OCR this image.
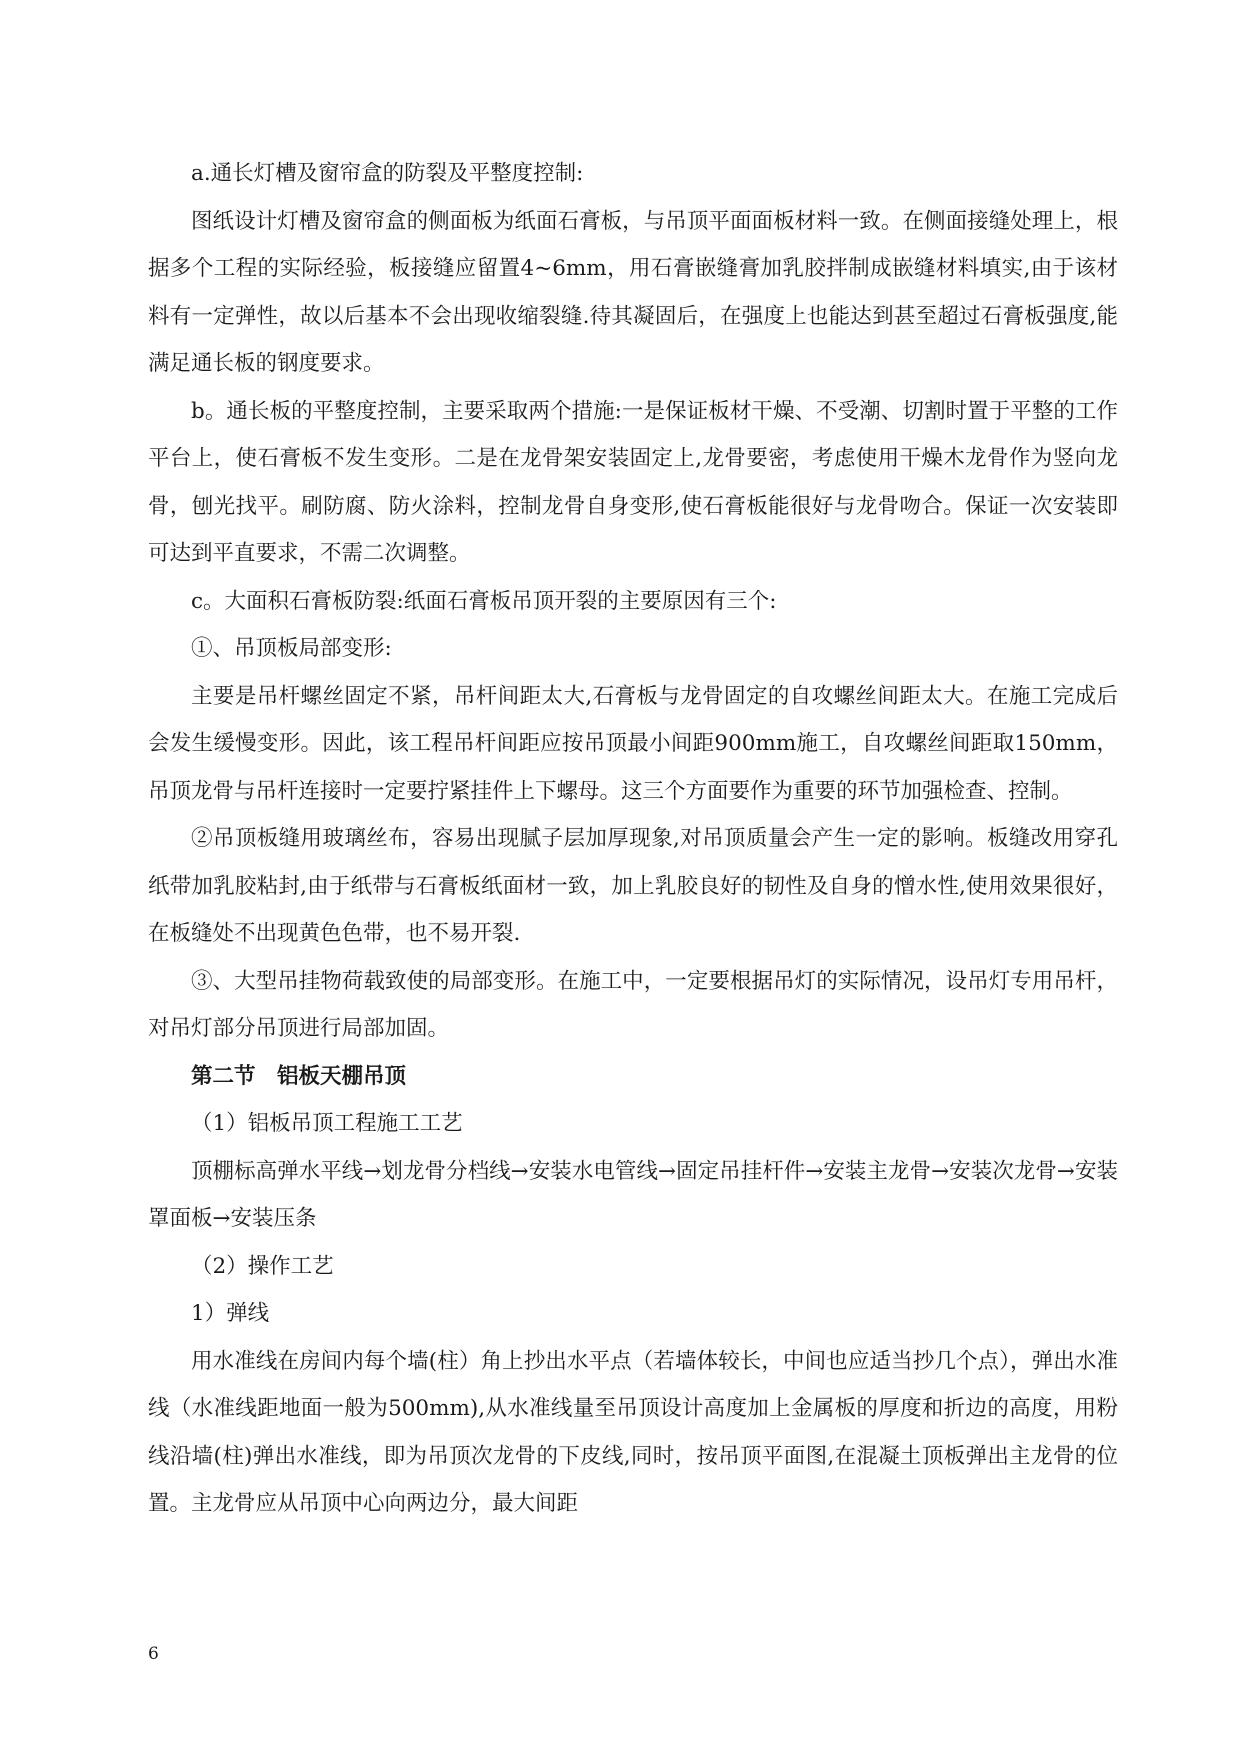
a.通长灯槽及窗帘盒的防裂及平整度控制:

图纸设计灯槽及窗帘盒的侧面板为纸面石膏板，与吊顶平面面板材料一致。在侧面接缝处理上，根据多个工程的实际经验，板接缝应留置4~6mm，用石膏嵌缝膏加乳胶拌制成嵌缝材料填实,由于该材料有一定弹性，故以后基本不会出现收缩裂缝.待其凝固后，在强度上也能达到甚至超过石膏板强度,能满足通长板的钢度要求。

b。通长板的平整度控制，主要采取两个措施:一是保证板材干燥、不受潮、切割时置于平整的工作平台上，使石膏板不发生变形。二是在龙骨架安装固定上,龙骨要密，考虑使用干燥木龙骨作为竖向龙骨，刨光找平。刷防腐、防火涂料，控制龙骨自身变形,使石膏板能很好与龙骨吻合。保证一次安装即可达到平直要求，不需二次调整。

c。大面积石膏板防裂:纸面石膏板吊顶开裂的主要原因有三个:

①、吊顶板局部变形:

主要是吊杆螺丝固定不紧，吊杆间距太大,石膏板与龙骨固定的自攻螺丝间距太大。在施工完成后会发生缓慢变形。因此，该工程吊杆间距应按吊顶最小间距900mm施工，自攻螺丝间距取150mm，吊顶龙骨与吊杆连接时一定要拧紧挂件上下螺母。这三个方面要作为重要的环节加强检查、控制。

②吊顶板缝用玻璃丝布，容易出现腻子层加厚现象,对吊顶质量会产生一定的影响。板缝改用穿孔纸带加乳胶粘封,由于纸带与石膏板纸面材一致，加上乳胶良好的韧性及自身的憎水性,使用效果很好，在板缝处不出现黄色色带，也不易开裂.

③、大型吊挂物荷载致使的局部变形。在施工中，一定要根据吊灯的实际情况，设吊灯专用吊杆，对吊灯部分吊顶进行局部加固。

第二节　铝板天棚吊顶

（1）铝板吊顶工程施工工艺

顶棚标高弹水平线→划龙骨分档线→安装水电管线→固定吊挂杆件→安装主龙骨→安装次龙骨→安装罩面板→安装压条

（2）操作工艺

1）弹线

用水准线在房间内每个墙(柱）角上抄出水平点（若墙体较长，中间也应适当抄几个点），弹出水准线（水准线距地面一般为500mm),从水准线量至吊顶设计高度加上金属板的厚度和折边的高度，用粉线沿墙(柱)弹出水准线，即为吊顶次龙骨的下皮线,同时，按吊顶平面图,在混凝土顶板弹出主龙骨的位置。主龙骨应从吊顶中心向两边分，最大间距

6
